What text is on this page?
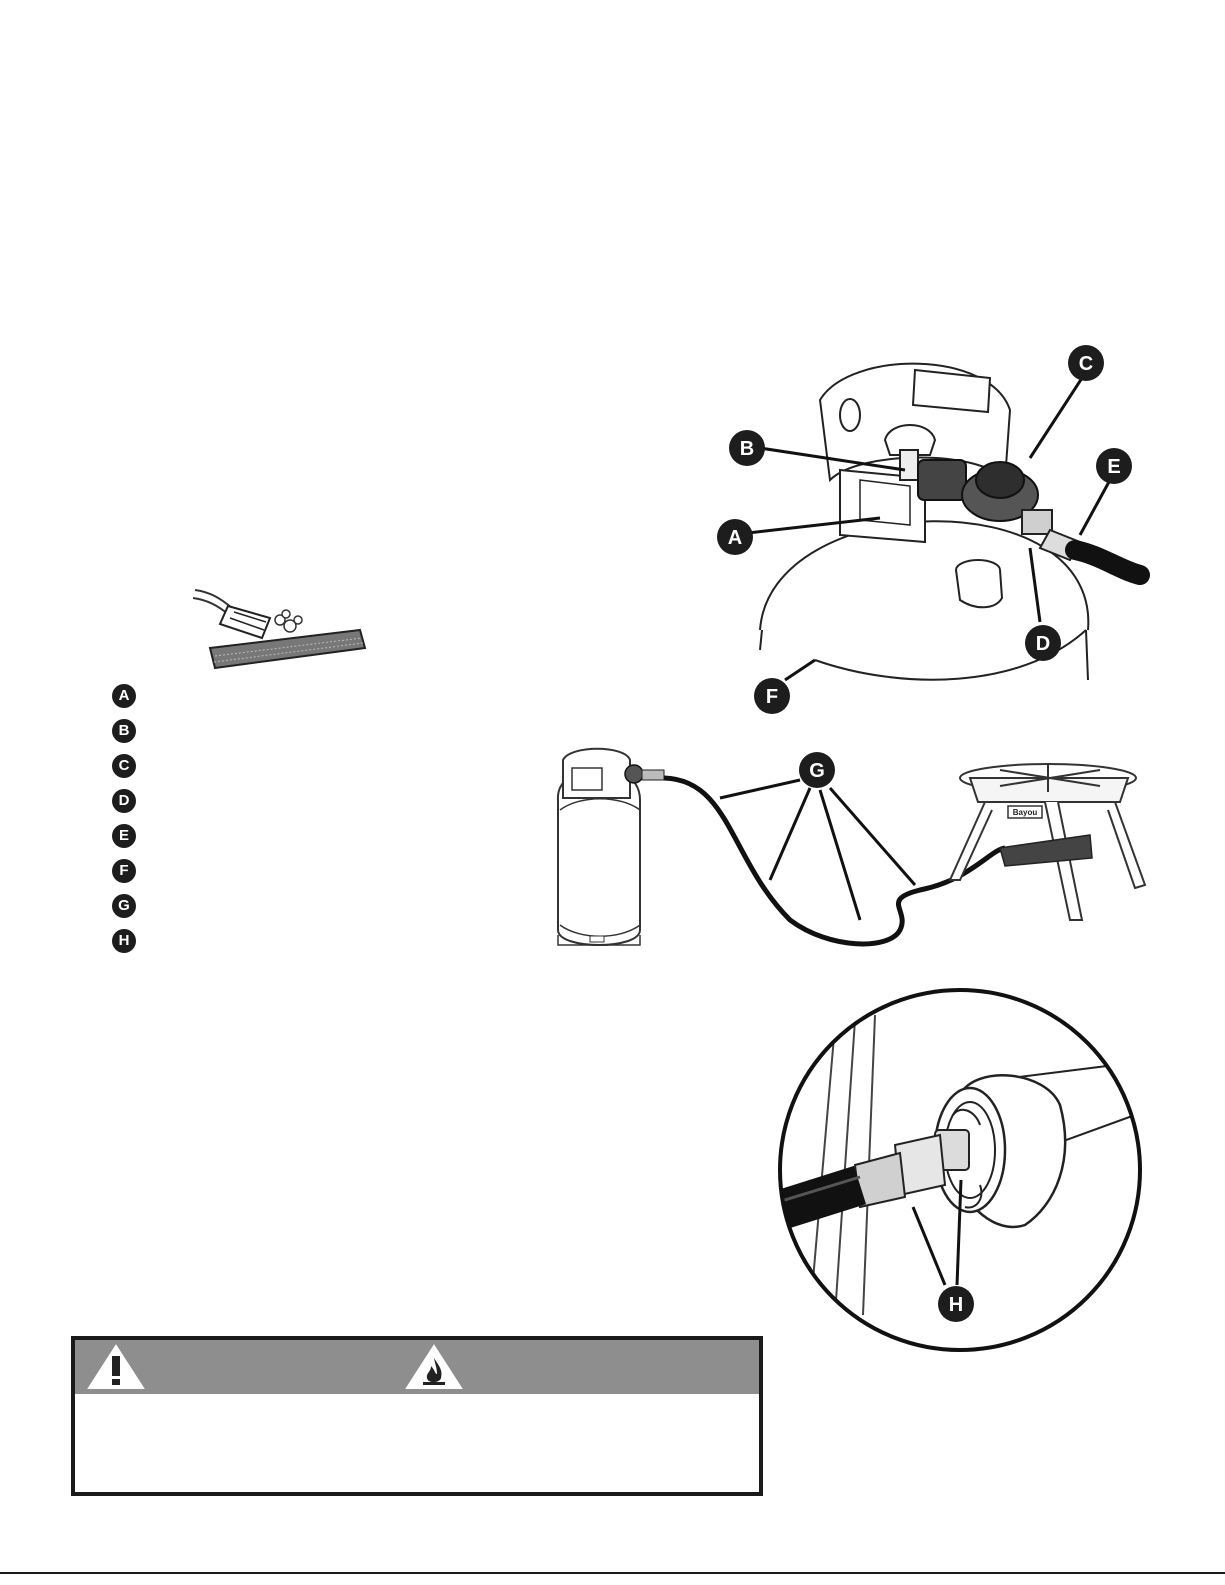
A
B
C
E
D
F
A
B
C
D
E
F
G
H
Bayou
G
H
